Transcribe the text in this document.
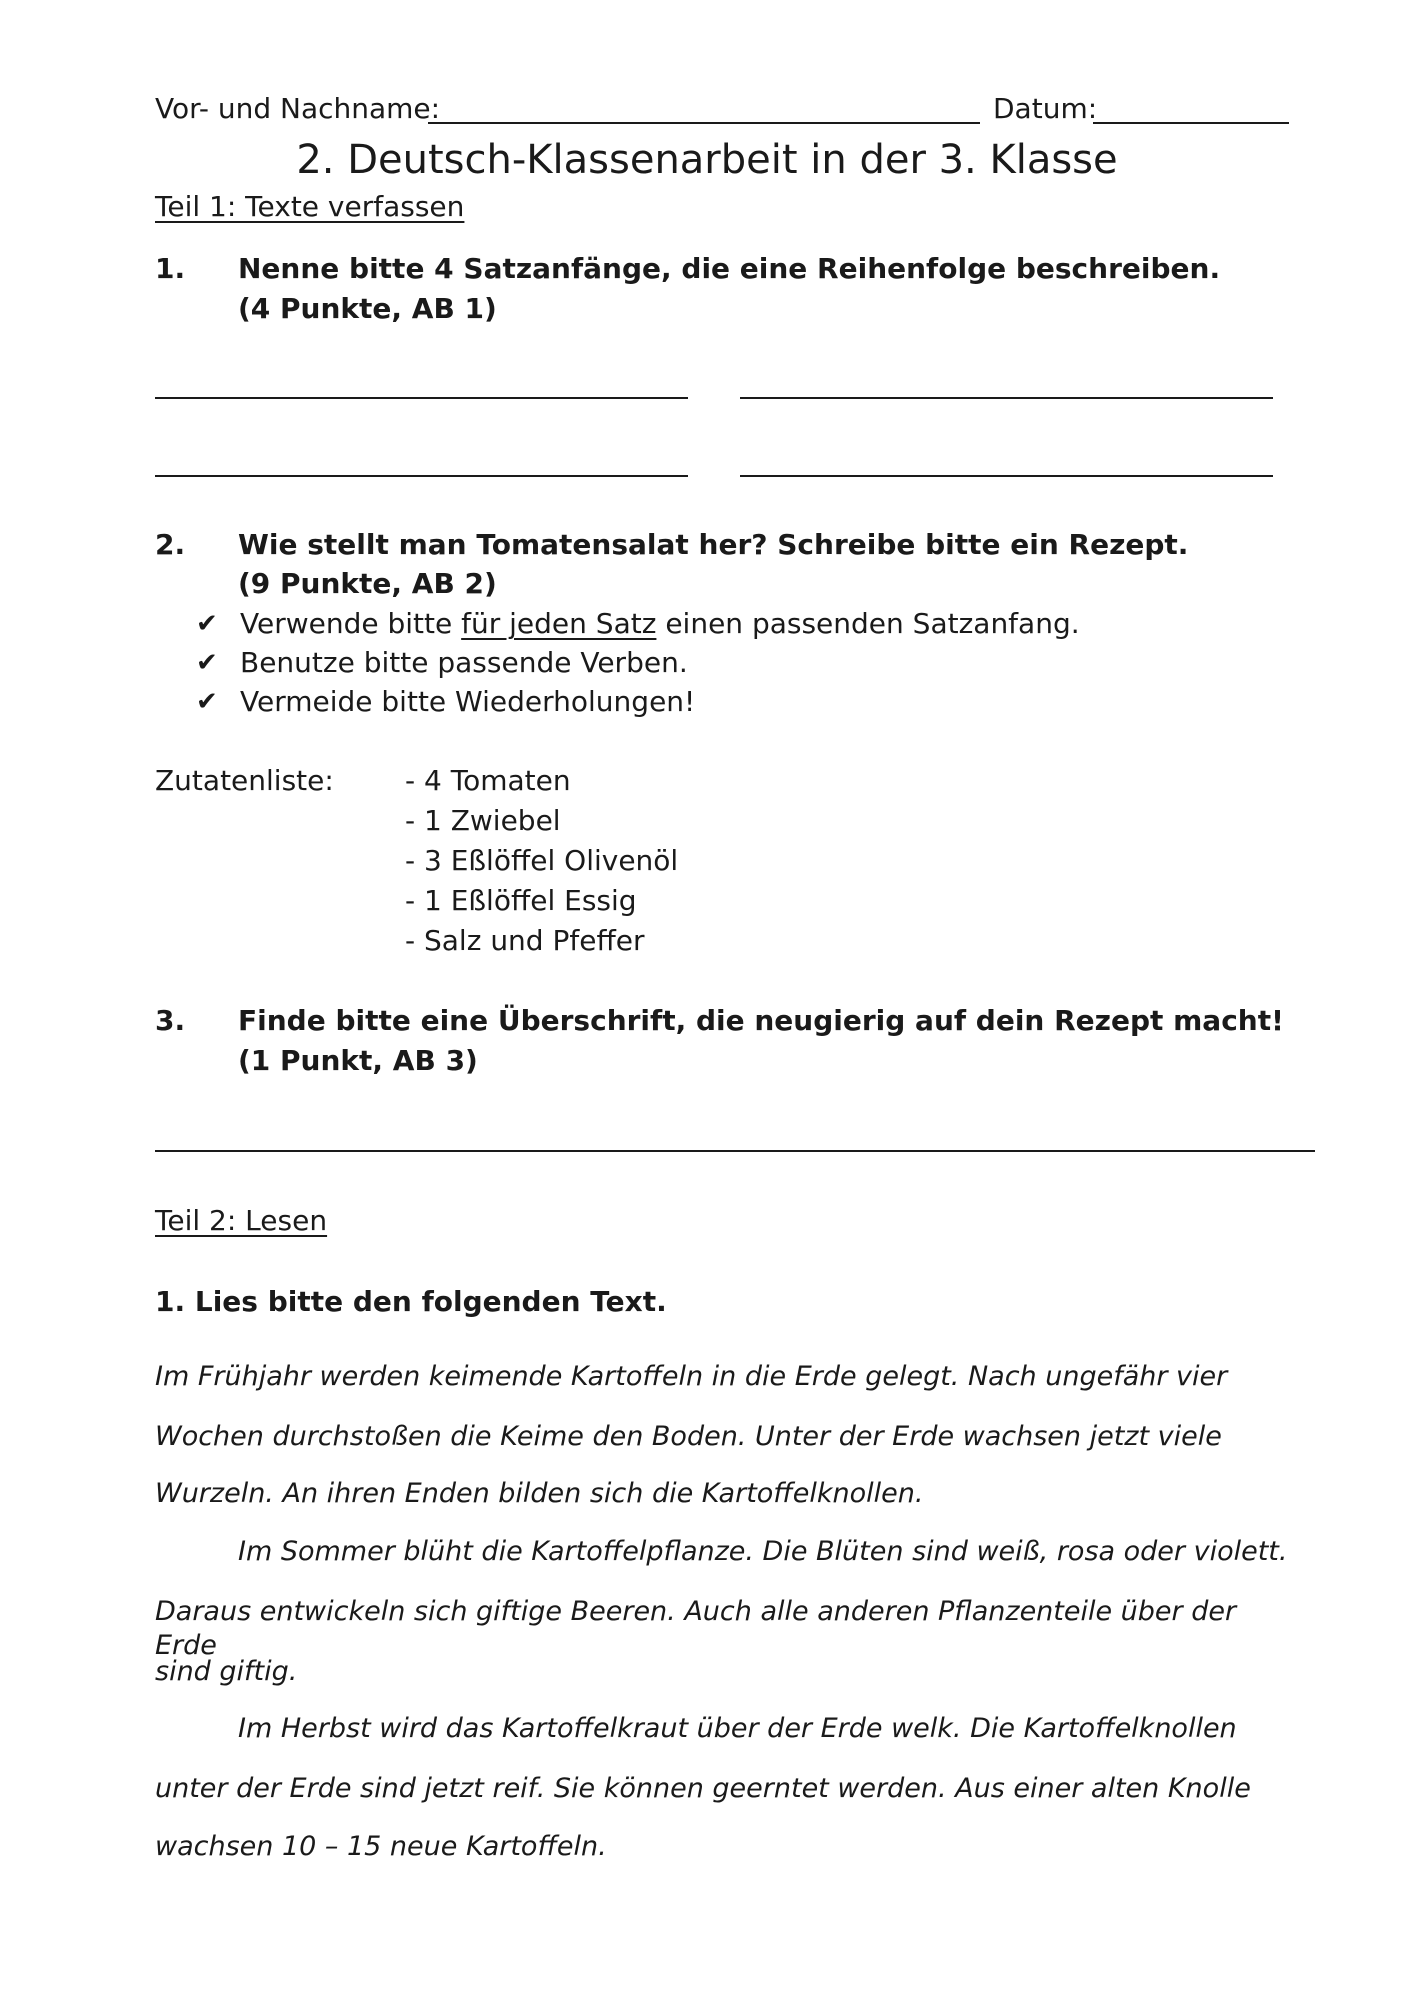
Vor- und Nachname:	Datum:
2. Deutsch-Klassenarbeit in der 3. Klasse
Teil 1: Texte verfassen
1. Nenne bitte 4 Satzanfänge, die eine Reihenfolge beschreiben.
(4 Punkte, AB 1)
2. Wie stellt man Tomatensalat her? Schreibe bitte ein Rezept.
(9 Punkte, AB 2)
✔ Verwende bitte für jeden Satz einen passenden Satzanfang.
✔ Benutze bitte passende Verben.
✔ Vermeide bitte Wiederholungen!
Zutatenliste:	- 4 Tomaten
- 1 Zwiebel
- 3 Eßlöffel Olivenöl
- 1 Eßlöffel Essig
- Salz und Pfeffer
3. Finde bitte eine Überschrift, die neugierig auf dein Rezept macht!
(1 Punkt, AB 3)
Teil 2: Lesen
1. Lies bitte den folgenden Text.
Im Frühjahr werden keimende Kartoffeln in die Erde gelegt. Nach ungefähr vier
Wochen durchstoßen die Keime den Boden. Unter der Erde wachsen jetzt viele
Wurzeln. An ihren Enden bilden sich die Kartoffelknollen.
Im Sommer blüht die Kartoffelpflanze. Die Blüten sind weiß, rosa oder violett.
Daraus entwickeln sich giftige Beeren. Auch alle anderen Pflanzenteile über der Erde
sind giftig.
Im Herbst wird das Kartoffelkraut über der Erde welk. Die Kartoffelknollen
unter der Erde sind jetzt reif. Sie können geerntet werden. Aus einer alten Knolle
wachsen 10 – 15 neue Kartoffeln.
